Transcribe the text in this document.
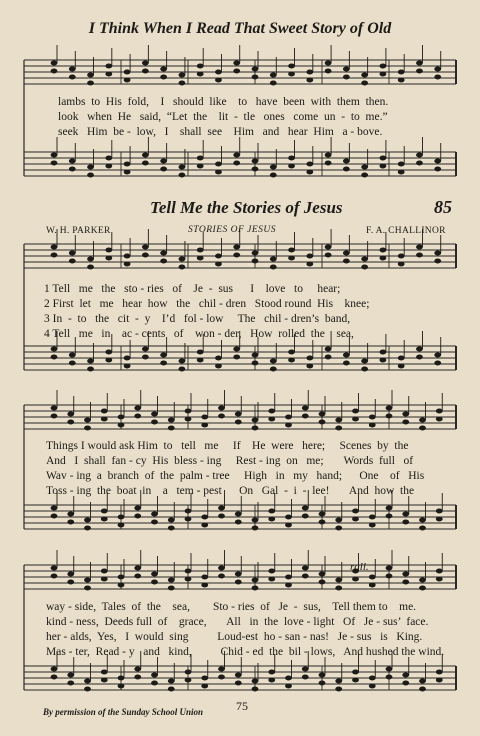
I Think When I Read That Sweet Story of Old
lambs  to  His  fold,    I   should  like    to   have  been  with  them  then.
look   when  He   said,  “Let  the    lit  -  tle   ones   come  un  -  to  me.”
seek   Him  be -  low,   I    shall  see    Him   and   hear  Him   a - bove.
Tell Me the Stories of Jesus	85
W. H. PARKER	STORIES OF JESUS	F. A. CHALLINOR
1 Tell   me   the   sto - ries   of    Je  -  sus      I    love   to     hear;
2 First  let   me   hear  how   the   chil - dren   Stood round  His    knee;
3 In  -  to   the   cit  -  y    I’d   fol - low     The   chil - dren’s  band,
4 Tell   me   in    ac - cents   of    won - der,   How  rolled  the    sea,
Things I would ask Him  to   tell   me     If    He  were   here;     Scenes  by  the
And   I  shall  fan - cy  His  bless - ing     Rest - ing  on   me;       Words  full   of
Wav - ing  a  branch  of  the  palm - tree     High   in   my   hand;      One    of   His
Toss - ing  the  boat  in    a   tem - pest      On   Gal  -  i  -  lee!       And  how  the
rall.
way - side,  Tales  of  the    sea,        Sto - ries  of   Je  -  sus,    Tell them to    me.
kind - ness,  Deeds full  of    grace,       All   in  the  love - light   Of   Je - sus’  face.
her - alds,  Yes,   I  would  sing          Loud-est  ho - san - nas!   Je - sus   is   King.
Mas - ter,  Read - y   and   kind,          Chid - ed  the  bil - lows,   And hushed the wind.
By permission of the Sunday School Union	75
